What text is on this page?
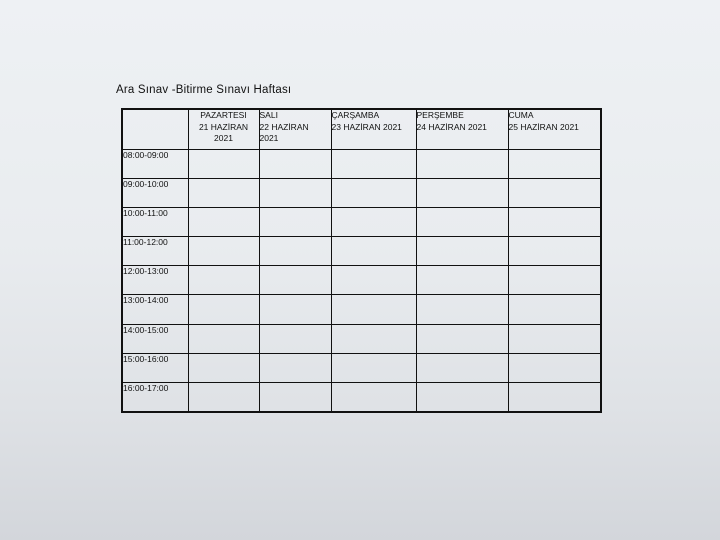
Ara Sınav -Bitirme Sınavı Haftası

	PAZARTESI
21 HAZİRAN
2021	SALI
22 HAZİRAN
2021	ÇARŞAMBA
23 HAZİRAN 2021	PERŞEMBE
24 HAZİRAN 2021	CUMA
25 HAZİRAN 2021

08:00-09:00					
09:00-10:00					
10:00-11:00					
11:00-12:00					
12:00-13:00					
13:00-14:00					
14:00-15:00					
15:00-16:00					
16:00-17:00					
